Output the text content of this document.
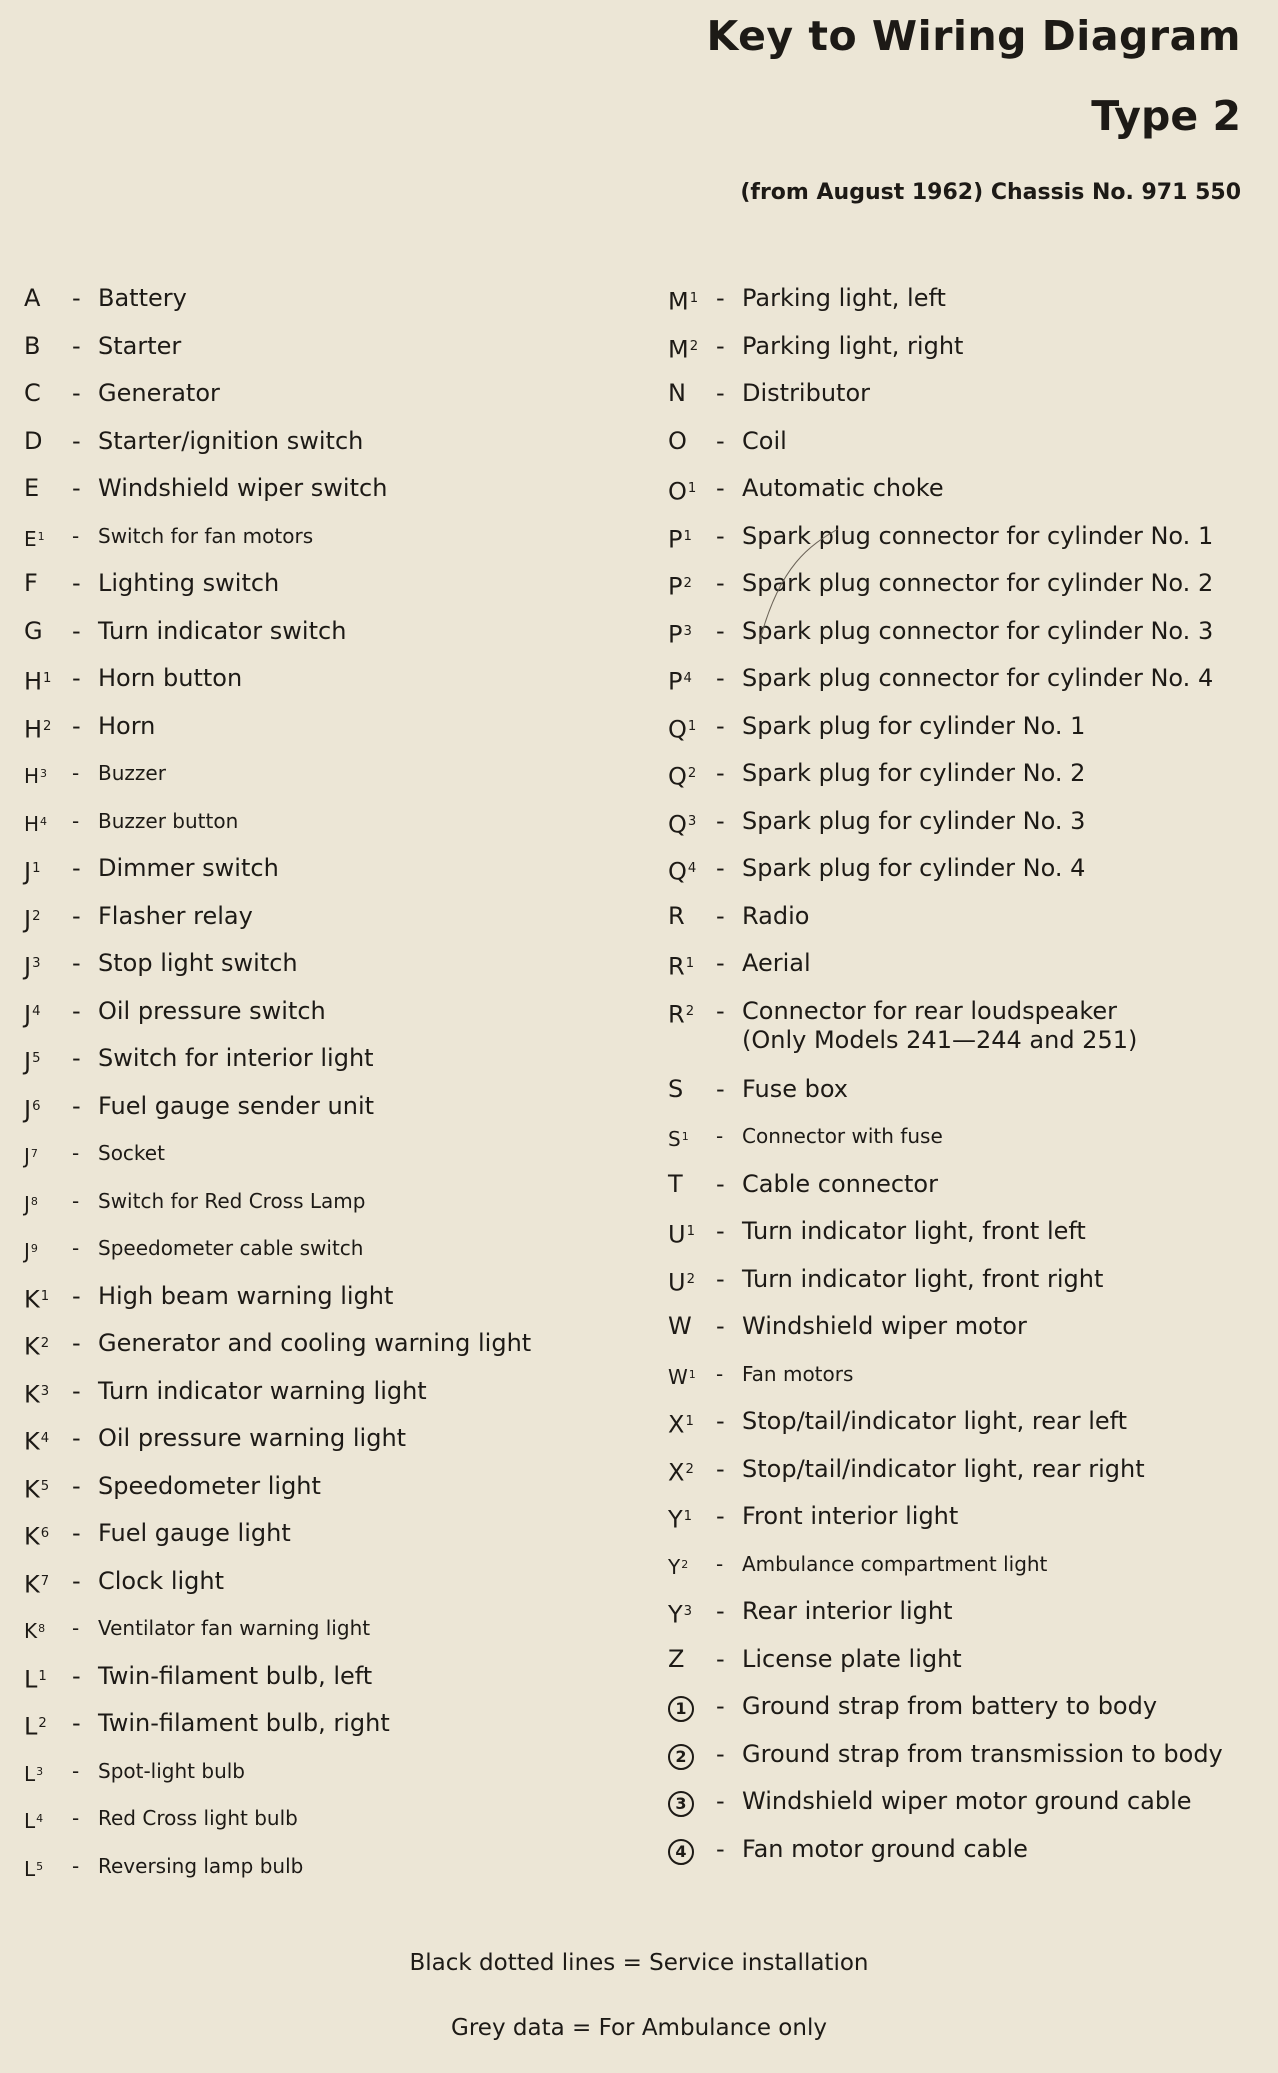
Key to Wiring Diagram
Type 2

(from August 1962) Chassis No. 971 550

A	- Battery
B	- Starter
C	- Generator
D	- Starter/ignition switch
E	- Windshield wiper switch
$E^1$	- Switch for fan motors
F	- Lighting switch
G	- Turn indicator switch
$H^1$ - Horn button
$H^2$ - Horn
$H^3$	- Buzzer
$H^4$	- Buzzer button
$J^1$	- Dimmer switch
$J^2$	- Flasher relay
$J^3$	- Stop light switch
$J^4$	- Oil pressure switch
$J^5$	- Switch for interior light
$J^6$	- Fuel gauge sender unit
$J^7$	- Socket
$J^8$	- Switch for Red Cross Lamp
$J^9$	- Speedometer cable switch
$K^1$ - High beam warning light
$K^2$ - Generator and cooling warning light
$K^3$ - Turn indicator warning light
$K^4$ - Oil pressure warning light
$K^5$ - Speedometer light
$K^6$ - Fuel gauge light
$K^7$ - Clock light
$K^8$	- Ventilator fan warning light
$L^1$	- Twin-filament bulb, left
$L^2$	- Twin-filament bulb, right
$L^3$	- Spot-light bulb
$L^4$	- Red Cross light bulb
$L^5$	- Reversing lamp bulb
$M^1$ - Parking light, left
$M^2$ - Parking light, right
N	- Distributor
O	- Coil
$O^1$ - Automatic choke
$P^1$	- Spark plug connector for cylinder No. 1
$P^2$	- Spark plug connector for cylinder No. 2
$P^3$	- Spark plug connector for cylinder No. 3
$P^4$	- Spark plug connector for cylinder No. 4
$Q^1$ - Spark plug for cylinder No. 1
$Q^2$ - Spark plug for cylinder No. 2
$Q^3$ - Spark plug for cylinder No. 3
$Q^4$ - Spark plug for cylinder No. 4
R	- Radio
$R^1$ - Aerial
$R^2$ - Connector for rear loudspeaker
(Only Models 241—244 and 251)
S	- Fuse box
$S^1$	- Connector with fuse
T	- Cable connector
$U^1$ - Turn indicator light, front left
$U^2$ - Turn indicator light, front right
W	- Windshield wiper motor
$W^1$	- Fan motors
$X^1$ - Stop/tail/indicator light, rear left
$X^2$ - Stop/tail/indicator light, rear right
$Y^1$ - Front interior light
$Y^2$	- Ambulance compartment light
$Y^3$ - Rear interior light
Z	- License plate light
1	- Ground strap from battery to body
2	- Ground strap from transmission to body
3	- Windshield wiper motor ground cable
4	- Fan motor ground cable

Black dotted lines = Service installation

Grey data = For Ambulance only
